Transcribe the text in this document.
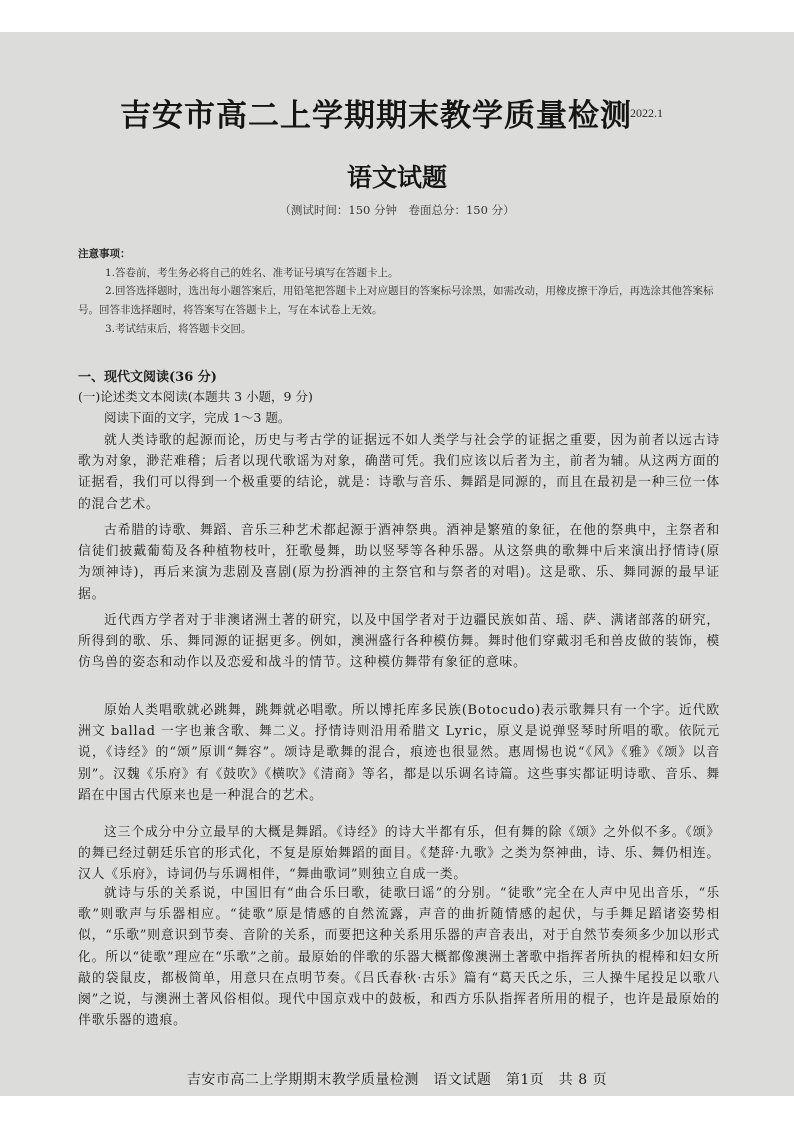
吉安市高二上学期期末教学质量检测
2022.1
语文试题
（测试时间：150 分钟　卷面总分：150 分）
注意事项：
1.答卷前，考生务必将自己的姓名、准考证号填写在答题卡上。
2.回答选择题时，选出每小题答案后，用铅笔把答题卡上对应题目的答案标号涂黑，如需改动，用橡皮擦干净后，再选涂其他答案标号。回答非选择题时，将答案写在答题卡上，写在本试卷上无效。
3.考试结束后，将答题卡交回。
一、现代文阅读(36 分)
(一)论述类文本阅读(本题共 3 小题，9 分)
阅读下面的文字，完成 1～3 题。
就人类诗歌的起源而论，历史与考古学的证据远不如人类学与社会学的证据之重要，因为前者以远古诗歌为对象，渺茫难稽；后者以现代歌谣为对象，确凿可凭。我们应该以后者为主，前者为辅。从这两方面的证据看，我们可以得到一个极重要的结论，就是：诗歌与音乐、舞蹈是同源的，而且在最初是一种三位一体的混合艺术。
古希腊的诗歌、舞蹈、音乐三种艺术都起源于酒神祭典。酒神是繁殖的象征，在他的祭典中，主祭者和信徒们披戴葡萄及各种植物枝叶，狂歌曼舞，助以竖琴等各种乐器。从这祭典的歌舞中后来演出抒情诗(原为颂神诗)，再后来演为悲剧及喜剧(原为扮酒神的主祭官和与祭者的对唱)。这是歌、乐、舞同源的最早证据。
近代西方学者对于非澳诸洲土著的研究，以及中国学者对于边疆民族如苗、瑶、萨、满诸部落的研究，所得到的歌、乐、舞同源的证据更多。例如，澳洲盛行各种模仿舞。舞时他们穿戴羽毛和兽皮做的装饰，模仿鸟兽的姿态和动作以及恋爱和战斗的情节。这种模仿舞带有象征的意味。
原始人类唱歌就必跳舞，跳舞就必唱歌。所以博托库多民族(Botocudo)表示歌舞只有一个字。近代欧洲文 ballad 一字也兼含歌、舞二义。抒情诗则沿用希腊文 Lyric，原义是说弹竖琴时所唱的歌。依阮元说，《诗经》的“颂”原训“舞容”。颂诗是歌舞的混合，痕迹也很显然。惠周惕也说“《风》《雅》《颂》以音别”。汉魏《乐府》有《鼓吹》《横吹》《清商》等名，都是以乐调名诗篇。这些事实都证明诗歌、音乐、舞蹈在中国古代原来也是一种混合的艺术。
这三个成分中分立最早的大概是舞蹈。《诗经》的诗大半都有乐，但有舞的除《颂》之外似不多。《颂》的舞已经过朝廷乐官的形式化，不复是原始舞蹈的面目。《楚辞·九歌》之类为祭神曲，诗、乐、舞仍相连。汉人《乐府》，诗词仍与乐调相伴，“舞曲歌词”则独立自成一类。
就诗与乐的关系说，中国旧有“曲合乐曰歌，徒歌曰谣”的分别。“徒歌”完全在人声中见出音乐，“乐歌”则歌声与乐器相应。“徒歌”原是情感的自然流露，声音的曲折随情感的起伏，与手舞足蹈诸姿势相似，“乐歌”则意识到节奏、音阶的关系，而要把这种关系用乐器的声音表出，对于自然节奏须多少加以形式化。所以“徒歌”理应在“乐歌”之前。最原始的伴歌的乐器大概都像澳洲土著歌中指挥者所执的棍棒和妇女所敲的袋鼠皮，都极简单，用意只在点明节奏。《吕氏春秋·古乐》篇有“葛天氏之乐，三人操牛尾投足以歌八阕”之说，与澳洲土著风俗相似。现代中国京戏中的鼓板，和西方乐队指挥者所用的棍子，也许是最原始的伴歌乐器的遗痕。
吉安市高二上学期期末教学质量检测　语文试题　第1页　共 8 页
